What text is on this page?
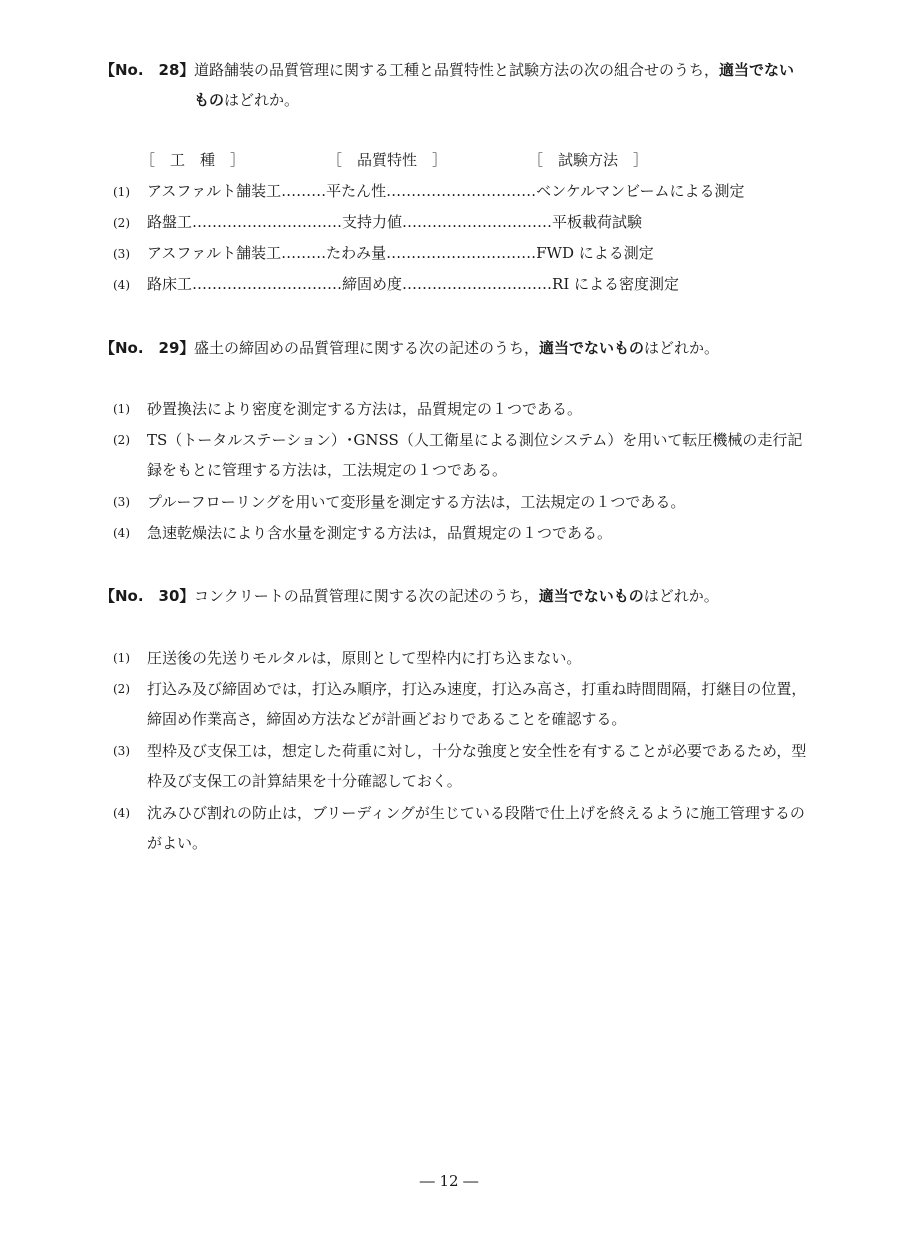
【No.　28】 道路舗装の品質管理に関する工種と品質特性と試験方法の次の組合せのうち，適当でないものはどれか。
［　工　種　］	［　品質特性　］	［　試験方法　］
(1) アスファルト舗装工………平たん性…………………………ベンケルマンビームによる測定
(2) 路盤工…………………………支持力値…………………………平板載荷試験
(3) アスファルト舗装工………たわみ量…………………………FWD による測定
(4) 路床工…………………………締固め度…………………………RI による密度測定
【No.　29】 盛土の締固めの品質管理に関する次の記述のうち，適当でないものはどれか。
(1)	砂置換法により密度を測定する方法は，品質規定の１つである。
(2)	TS（トータルステーション）･GNSS（人工衛星による測位システム）を用いて転圧機械の走行記録をもとに管理する方法は，工法規定の１つである。
(3)	プルーフローリングを用いて変形量を測定する方法は，工法規定の１つである。
(4)	急速乾燥法により含水量を測定する方法は，品質規定の１つである。
【No.　30】 コンクリートの品質管理に関する次の記述のうち，適当でないものはどれか。
(1)	圧送後の先送りモルタルは，原則として型枠内に打ち込まない。
(2)	打込み及び締固めでは，打込み順序，打込み速度，打込み高さ，打重ね時間間隔，打継目の位置，締固め作業高さ，締固め方法などが計画どおりであることを確認する。
(3)	型枠及び支保工は，想定した荷重に対し，十分な強度と安全性を有することが必要であるため，型枠及び支保工の計算結果を十分確認しておく。
(4)	沈みひび割れの防止は，ブリーディングが生じている段階で仕上げを終えるように施工管理するのがよい。
― 12 ―
